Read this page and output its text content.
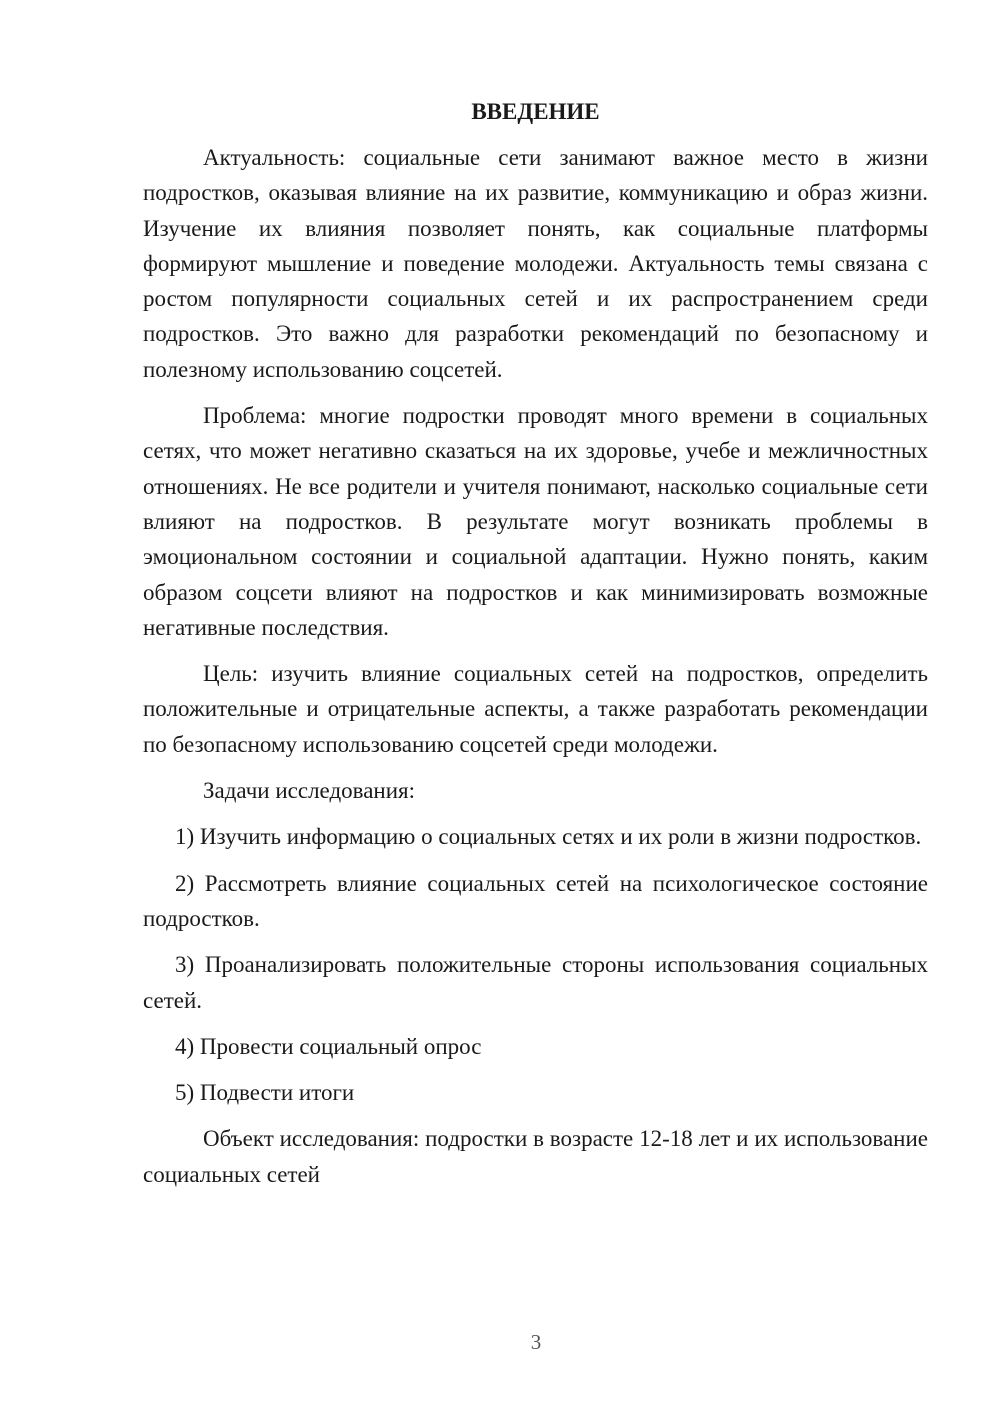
ВВЕДЕНИЕ

Актуальность: социальные сети занимают важное место в жизни подростков, оказывая влияние на их развитие, коммуникацию и образ жизни. Изучение их влияния позволяет понять, как социальные платформы формируют мышление и поведение молодежи. Актуальность темы связана с ростом популярности социальных сетей и их распространением среди подростков. Это важно для разработки рекомендаций по безопасному и полезному использованию соцсетей.

Проблема: многие подростки проводят много времени в социальных сетях, что может негативно сказаться на их здоровье, учебе и межличностных отношениях. Не все родители и учителя понимают, насколько социальные сети влияют на подростков. В результате могут возникать проблемы в эмоциональном состоянии и социальной адаптации. Нужно понять, каким образом соцсети влияют на подростков и как минимизировать возможные негативные последствия.

Цель: изучить влияние социальных сетей на подростков, определить положительные и отрицательные аспекты, а также разработать рекомендации по безопасному использованию соцсетей среди молодежи.

Задачи исследования:

1) Изучить информацию о социальных сетях и их роли в жизни подростков.

2) Рассмотреть влияние социальных сетей на психологическое состояние подростков.

3) Проанализировать положительные стороны использования социальных сетей.

4) Провести социальный опрос

5) Подвести итоги

Объект исследования: подростки в возрасте 12-18 лет и их использование социальных сетей

3
